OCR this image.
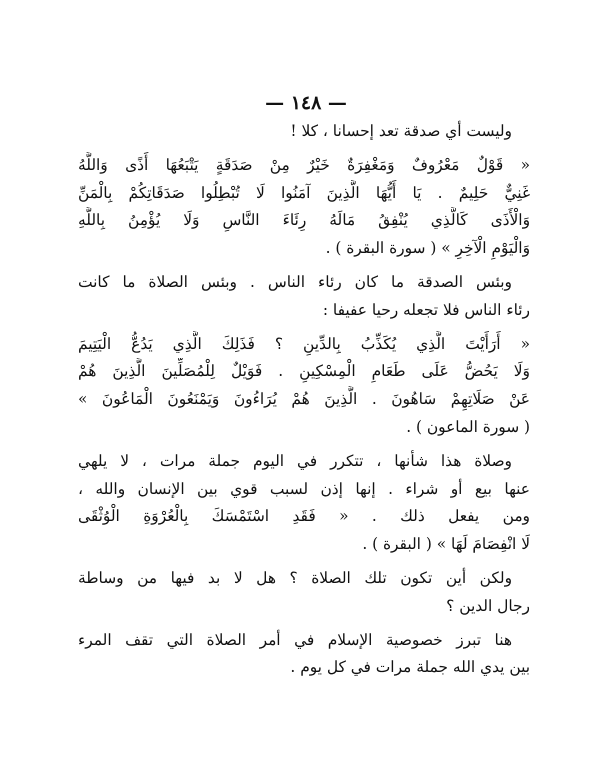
— ١٤٨ —
وليست أي صدقة تعد إحسانا ، كلا !
« قَوْلٌ مَعْرُوفٌ وَمَغْفِرَةٌ خَيْرٌ مِنْ صَدَقَةٍ يَتْبَعُهَا أَذًى وَاللَّهُ
غَنِيٌّ حَلِيمٌ . يَا أَيُّهَا الَّذِينَ آمَنُوا لَا تُبْطِلُوا صَدَقَاتِكُمْ بِالْمَنِّ
وَالْأَذَى كَالَّذِي يُنْفِقُ مَالَهُ رِئَاءَ النَّاسِ وَلَا يُؤْمِنُ بِاللَّهِ
وَالْيَوْمِ الْآخِرِ » ( سورة البقرة ) .
وبئس الصدقة ما كان رئاء الناس . وبئس الصلاة ما كانت
رئاء الناس فلا تجعله رحيا عفيفا :
« أَرَأَيْتَ الَّذِي يُكَذِّبُ بِالدِّينِ ؟ فَذَلِكَ الَّذِي يَدُعُّ الْيَتِيمَ
وَلَا يَحُضُّ عَلَى طَعَامِ الْمِسْكِينِ . فَوَيْلٌ لِلْمُصَلِّينَ الَّذِينَ هُمْ
عَنْ صَلَاتِهِمْ سَاهُونَ . الَّذِينَ هُمْ يُرَاءُونَ وَيَمْنَعُونَ الْمَاعُونَ »
( سورة الماعون ) .
وصلاة هذا شأنها ، تتكرر في اليوم جملة مرات ، لا يلهي
عنها بيع أو شراء . إنها إذن لسبب قوي بين الإنسان والله ،
ومن يفعل ذلك . « فَقَدِ اسْتَمْسَكَ بِالْعُرْوَةِ الْوُثْقَى
لَا انْفِصَامَ لَهَا » ( البقرة ) .
ولكن أين تكون تلك الصلاة ؟ هل لا بد فيها من وساطة
رجال الدين ؟
هنا تبرز خصوصية الإسلام في أمر الصلاة التي تقف المرء
بين يدي الله جملة مرات في كل يوم .
